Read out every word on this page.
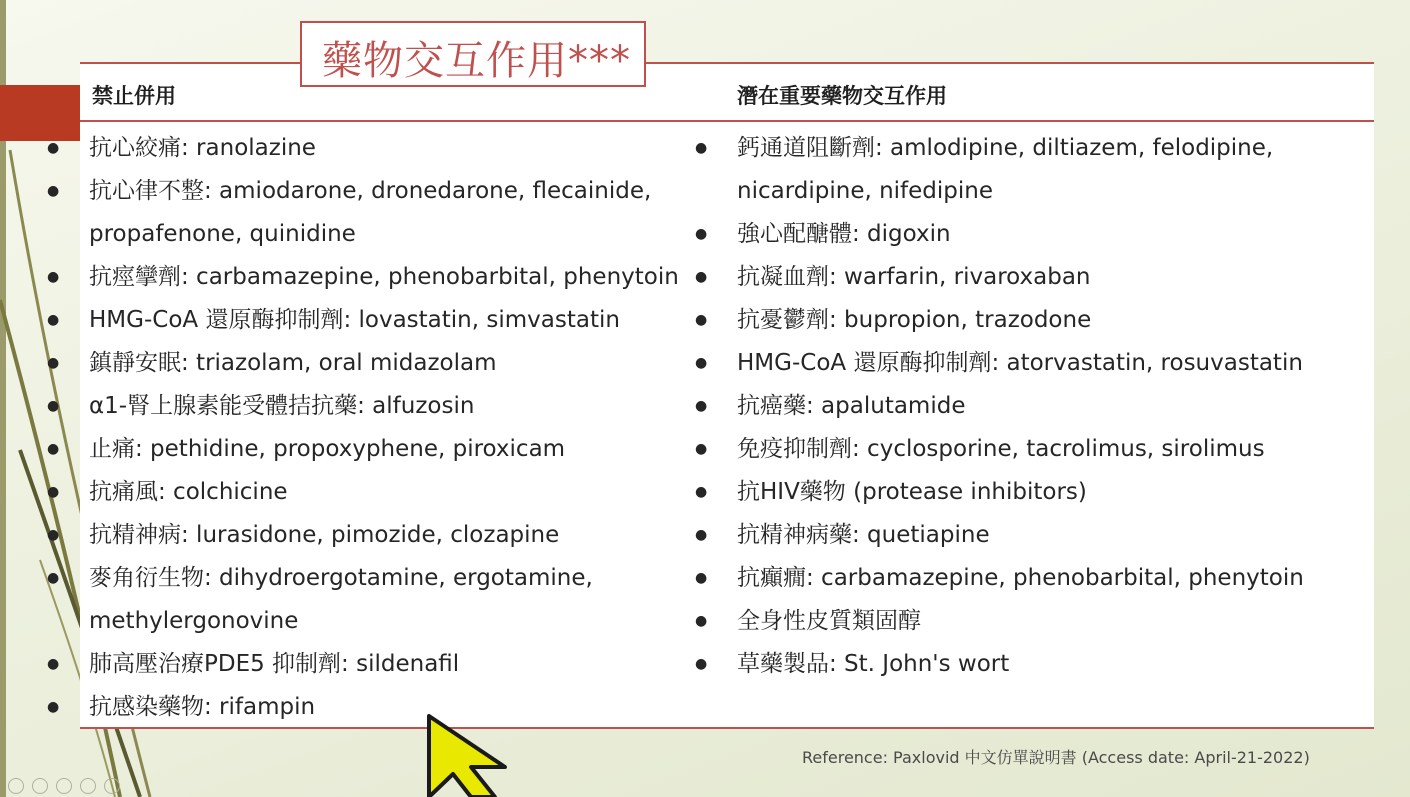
禁止併用	潛在重要藥物交互作用
藥物交互作用***
● 抗心絞痛: ranolazine
● 抗心律不整: amiodarone, dronedarone, flecainide,
propafenone, quinidine
● 抗痙攣劑: carbamazepine, phenobarbital, phenytoin
● HMG-CoA 還原酶抑制劑: lovastatin, simvastatin
● 鎮靜安眠: triazolam, oral midazolam
● α1-腎上腺素能受體拮抗藥: alfuzosin
● 止痛: pethidine, propoxyphene, piroxicam
● 抗痛風: colchicine
● 抗精神病: lurasidone, pimozide, clozapine
● 麥角衍生物: dihydroergotamine, ergotamine,
methylergonovine
● 肺高壓治療PDE5 抑制劑: sildenafil
● 抗感染藥物: rifampin
● 鈣通道阻斷劑: amlodipine, diltiazem, felodipine,
nicardipine, nifedipine
● 強心配醣體: digoxin
● 抗凝血劑: warfarin, rivaroxaban
● 抗憂鬱劑: bupropion, trazodone
● HMG-CoA 還原酶抑制劑: atorvastatin, rosuvastatin
● 抗癌藥: apalutamide
● 免疫抑制劑: cyclosporine, tacrolimus, sirolimus
● 抗HIV藥物 (protease inhibitors)
● 抗精神病藥: quetiapine
● 抗癲癇: carbamazepine, phenobarbital, phenytoin
● 全身性皮質類固醇
● 草藥製品: St. John's wort
Reference: Paxlovid 中文仿單說明書 (Access date: April-21-2022)
